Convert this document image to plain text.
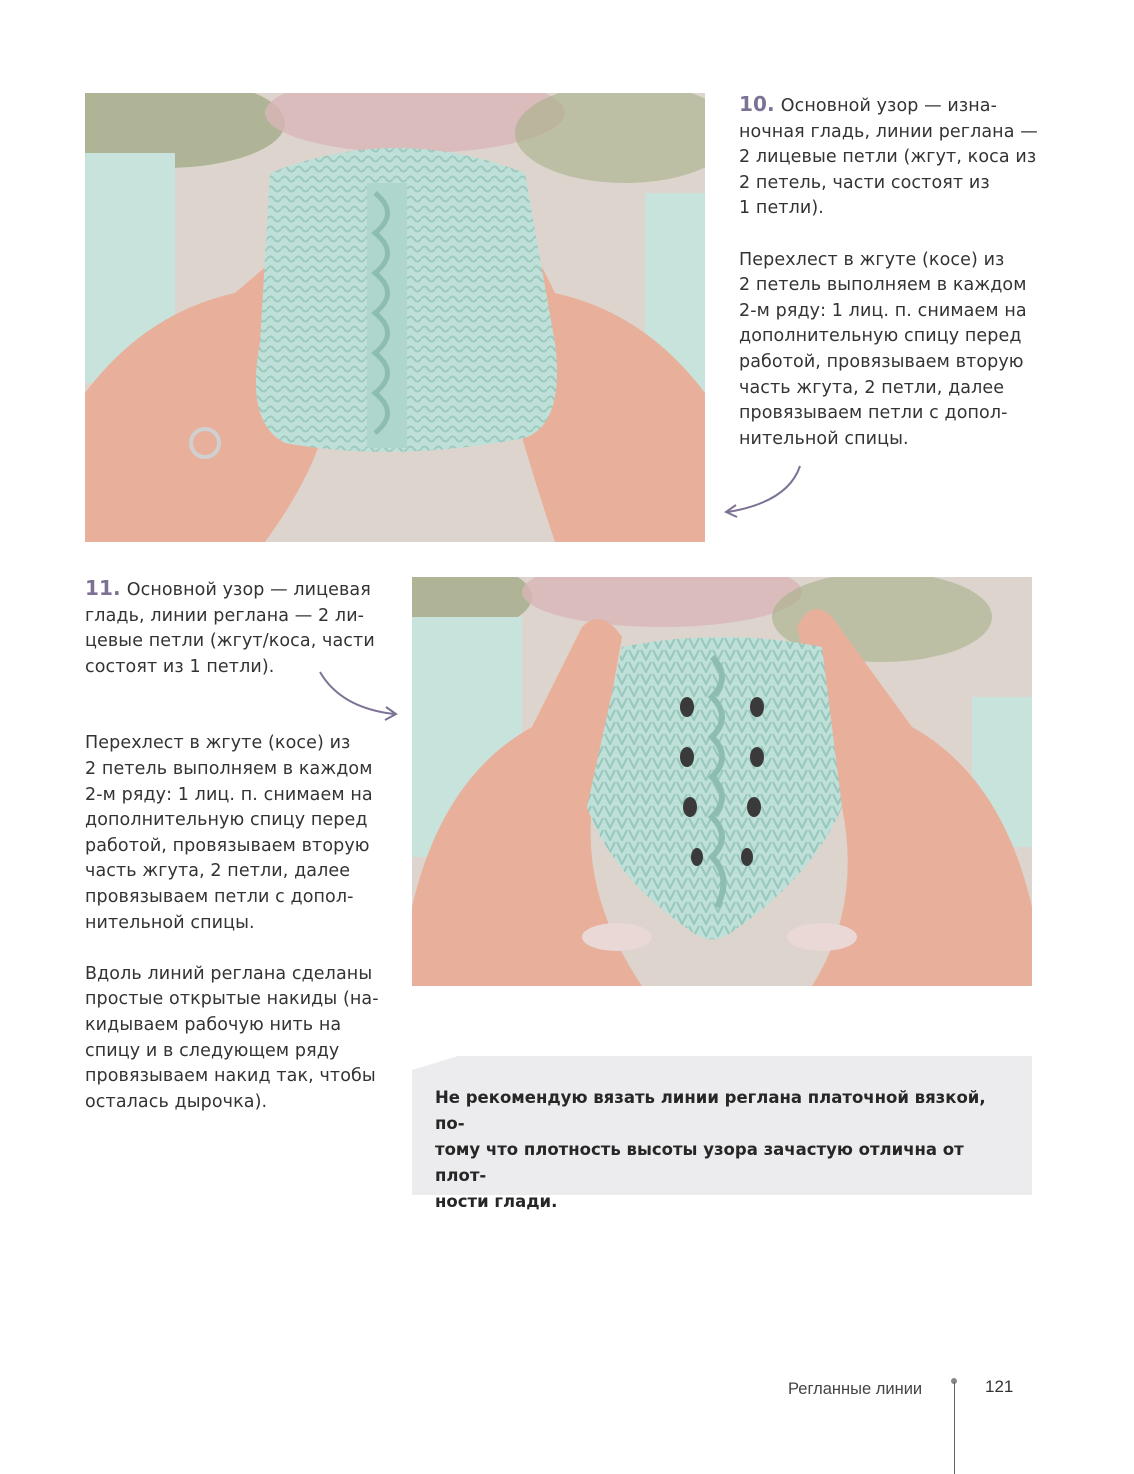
10. Основной узор — изна-
ночная гладь, линии реглана —
2 лицевые петли (жгут, коса из
2 петель, части состоят из
1 петли).

Перехлест в жгуте (косе) из
2 петель выполняем в каждом
2-м ряду: 1 лиц. п. снимаем на
дополнительную спицу перед
работой, провязываем вторую
часть жгута, 2 петли, далее
провязываем петли с допол-
нительной спицы.

11. Основной узор — лицевая
гладь, линии реглана — 2 ли-
цевые петли (жгут/коса, части
состоят из 1 петли).

Перехлест в жгуте (косе) из
2 петель выполняем в каждом
2-м ряду: 1 лиц. п. снимаем на
дополнительную спицу перед
работой, провязываем вторую
часть жгута, 2 петли, далее
провязываем петли с допол-
нительной спицы.

Вдоль линий реглана сделаны
простые открытые накиды (на-
кидываем рабочую нить на
спицу и в следующем ряду
провязываем накид так, чтобы
осталась дырочка).	Не рекомендую вязать линии реглана платочной вязкой, по-
тому что плотность высоты узора зачастую отлична от плот-
ности глади.
Регланные линии	121
